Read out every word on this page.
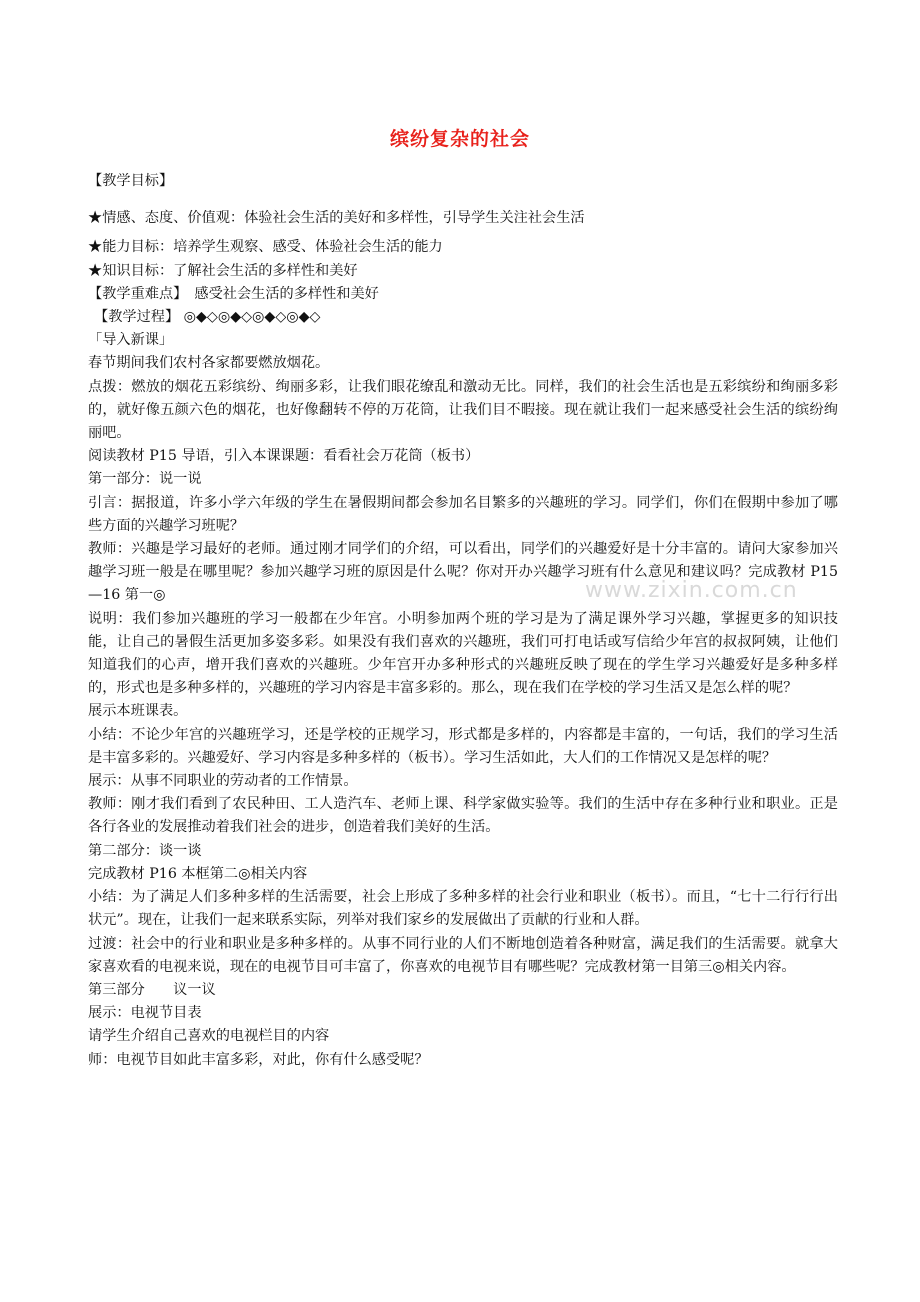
缤纷复杂的社会
www.zixin.com.cn

【教学目标】

★情感、态度、价值观：体验社会生活的美好和多样性，引导学生关注社会生活

★能力目标：培养学生观察、感受、体验社会生活的能力

★知识目标：了解社会生活的多样性和美好

【教学重难点】　感受社会生活的多样性和美好

【教学过程】 ◎◆◇◎◆◇◎◆◇◎◆◇

「导入新课」

春节期间我们农村各家都要燃放烟花。

点拨：燃放的烟花五彩缤纷、绚丽多彩，让我们眼花缭乱和激动无比。同样，我们的社会生活也是五彩缤纷和绚丽多彩的，就好像五颜六色的烟花，也好像翻转不停的万花筒，让我们目不暇接。现在就让我们一起来感受社会生活的缤纷绚丽吧。

阅读教材 P15 导语，引入本课课题：看看社会万花筒（板书）

第一部分：说一说

引言：据报道，许多小学六年级的学生在暑假期间都会参加名目繁多的兴趣班的学习。同学们，你们在假期中参加了哪些方面的兴趣学习班呢？

教师：兴趣是学习最好的老师。通过刚才同学们的介绍，可以看出，同学们的兴趣爱好是十分丰富的。请问大家参加兴趣学习班一般是在哪里呢？参加兴趣学习班的原因是什么呢？你对开办兴趣学习班有什么意见和建议吗？完成教材 P15—16 第一◎

说明：我们参加兴趣班的学习一般都在少年宫。小明参加两个班的学习是为了满足课外学习兴趣，掌握更多的知识技能，让自己的暑假生活更加多姿多彩。如果没有我们喜欢的兴趣班，我们可打电话或写信给少年宫的叔叔阿姨，让他们知道我们的心声，增开我们喜欢的兴趣班。少年宫开办多种形式的兴趣班反映了现在的学生学习兴趣爱好是多种多样的，形式也是多种多样的，兴趣班的学习内容是丰富多彩的。那么，现在我们在学校的学习生活又是怎么样的呢？

展示本班课表。

小结：不论少年宫的兴趣班学习，还是学校的正规学习，形式都是多样的，内容都是丰富的，一句话，我们的学习生活是丰富多彩的。兴趣爱好、学习内容是多种多样的（板书）。学习生活如此，大人们的工作情况又是怎样的呢？

展示：从事不同职业的劳动者的工作情景。

教师：刚才我们看到了农民种田、工人造汽车、老师上课、科学家做实验等。我们的生活中存在多种行业和职业。正是各行各业的发展推动着我们社会的进步，创造着我们美好的生活。

第二部分：谈一谈

完成教材 P16 本框第二◎相关内容

小结：为了满足人们多种多样的生活需要，社会上形成了多种多样的社会行业和职业（板书）。而且，“七十二行行行出状元”。现在，让我们一起来联系实际，列举对我们家乡的发展做出了贡献的行业和人群。

过渡：社会中的行业和职业是多种多样的。从事不同行业的人们不断地创造着各种财富，满足我们的生活需要。就拿大家喜欢看的电视来说，现在的电视节目可丰富了，你喜欢的电视节目有哪些呢？完成教材第一目第三◎相关内容。

第三部分　　议一议

展示：电视节目表

请学生介绍自己喜欢的电视栏目的内容

师：电视节目如此丰富多彩，对此，你有什么感受呢？
